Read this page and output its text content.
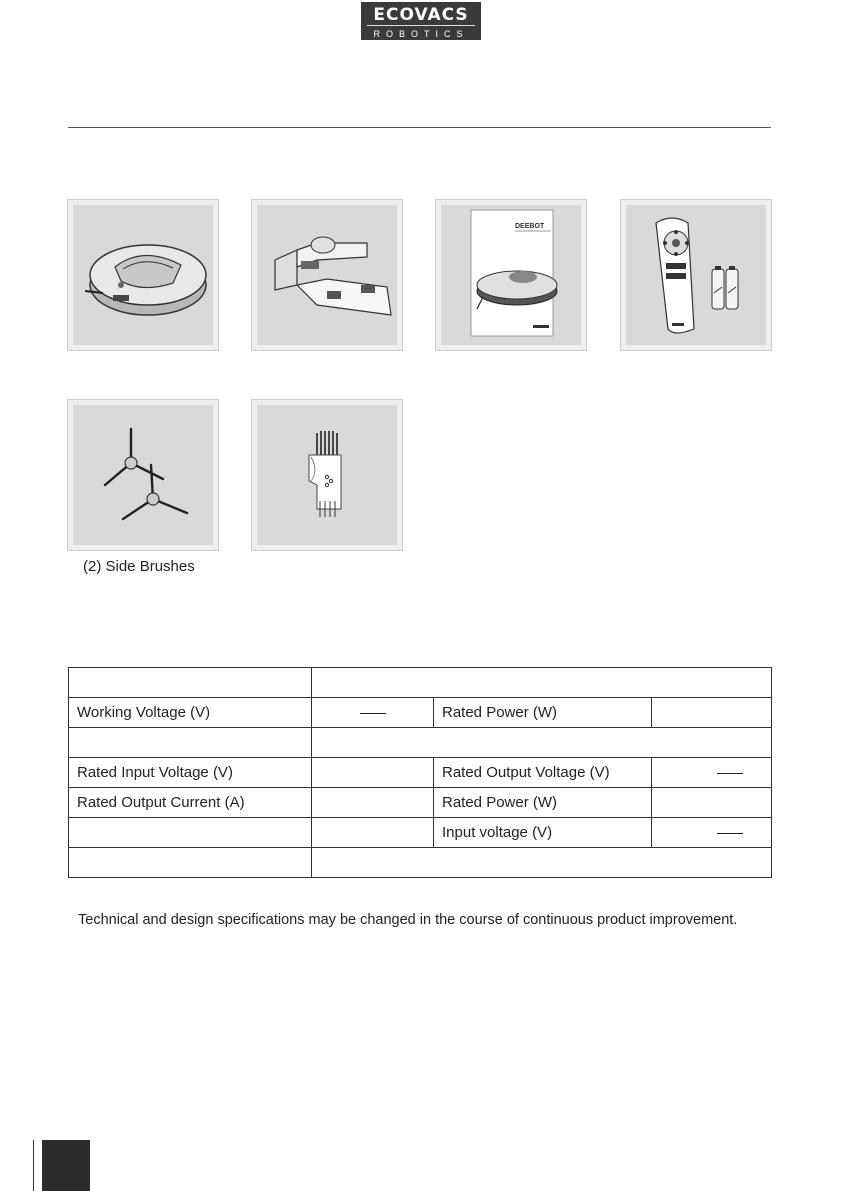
ECOVACS
ROBOTICS
DEEBOT
(2) Side Brushes

Working Voltage (V)		Rated Power (W)	

Rated Input Voltage (V)		Rated Output Voltage (V)	
Rated Output Current (A)		Rated Power (W)	
		Input voltage (V)	

Technical and design specifications may be changed in the course of continuous product improvement.
